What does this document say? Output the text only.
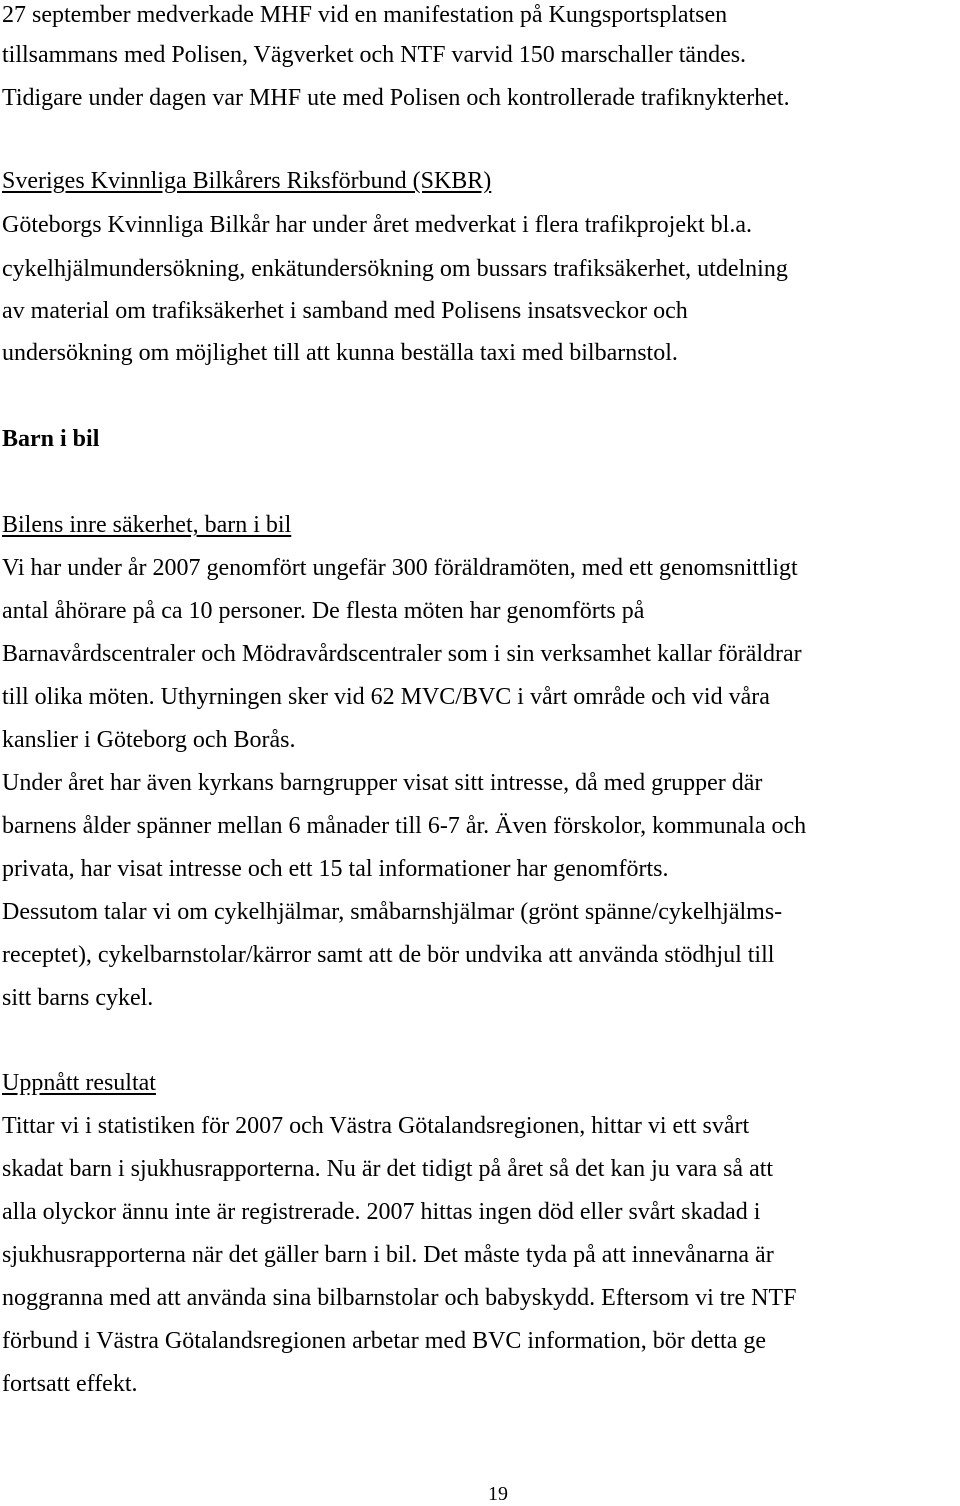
27 september medverkade MHF vid en manifestation på Kungsportsplatsen
tillsammans med Polisen, Vägverket och NTF varvid 150 marschaller tändes.
Tidigare under dagen var MHF ute med Polisen och kontrollerade trafiknykterhet.
Sveriges Kvinnliga Bilkårers Riksförbund (SKBR)
Göteborgs Kvinnliga Bilkår har under året medverkat i flera trafikprojekt bl.a.
cykelhjälmundersökning, enkätundersökning om bussars trafiksäkerhet, utdelning
av material om trafiksäkerhet i samband med Polisens insatsveckor och
undersökning om möjlighet till att kunna beställa taxi med bilbarnstol.
Barn i bil
Bilens inre säkerhet, barn i bil
Vi har under år 2007 genomfört ungefär 300 föräldramöten, med ett genomsnittligt
antal åhörare på ca 10 personer. De flesta möten har genomförts på
Barnavårdscentraler och Mödravårdscentraler som i sin verksamhet kallar föräldrar
till olika möten. Uthyrningen sker vid 62 MVC/BVC i vårt område och vid våra
kanslier i Göteborg och Borås.
Under året har även kyrkans barngrupper visat sitt intresse, då med grupper där
barnens ålder spänner mellan 6 månader till 6-7 år. Även förskolor, kommunala och
privata, har visat intresse och ett 15 tal informationer har genomförts.
Dessutom talar vi om cykelhjälmar, småbarnshjälmar (grönt spänne/cykelhjälms-
receptet), cykelbarnstolar/kärror samt att de bör undvika att använda stödhjul till
sitt barns cykel.
Uppnått resultat
Tittar vi i statistiken för 2007 och Västra Götalandsregionen, hittar vi ett svårt
skadat barn i sjukhusrapporterna. Nu är det tidigt på året så det kan ju vara så att
alla olyckor ännu inte är registrerade. 2007 hittas ingen död eller svårt skadad i
sjukhusrapporterna när det gäller barn i bil. Det måste tyda på att innevånarna är
noggranna med att använda sina bilbarnstolar och babyskydd. Eftersom vi tre NTF
förbund i Västra Götalandsregionen arbetar med BVC information, bör detta ge
fortsatt effekt.
19
